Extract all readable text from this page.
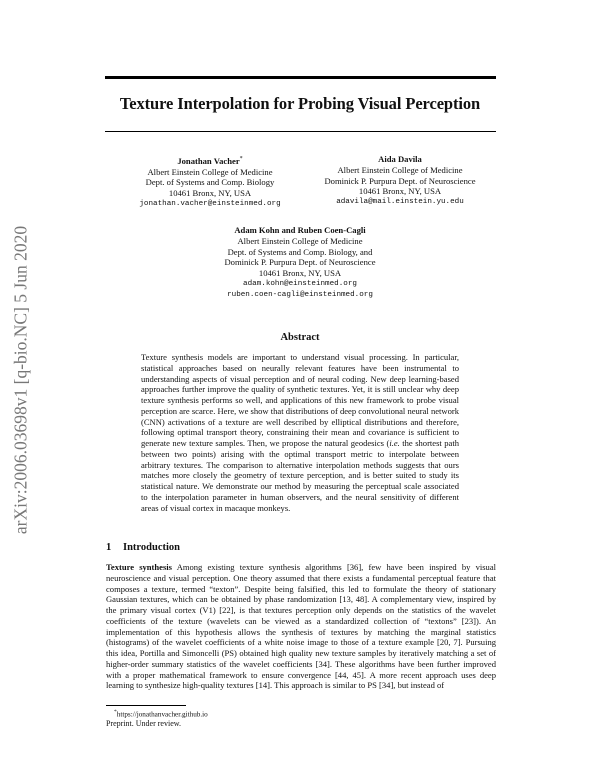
arXiv:2006.03698v1 [q-bio.NC] 5 Jun 2020
Texture Interpolation for Probing Visual Perception
Jonathan Vacher*
Albert Einstein College of Medicine
Dept. of Systems and Comp. Biology
10461 Bronx, NY, USA
jonathan.vacher@einsteinmed.org
Aida Davila
Albert Einstein College of Medicine
Dominick P. Purpura Dept. of Neuroscience
10461 Bronx, NY, USA
adavila@mail.einstein.yu.edu
Adam Kohn and Ruben Coen-Cagli
Albert Einstein College of Medicine
Dept. of Systems and Comp. Biology, and
Dominick P. Purpura Dept. of Neuroscience
10461 Bronx, NY, USA
adam.kohn@einsteinmed.org
ruben.coen-cagli@einsteinmed.org
Abstract
Texture synthesis models are important to understand visual processing. In particular, statistical approaches based on neurally relevant features have been instrumental to understanding aspects of visual perception and of neural coding. New deep learning-based approaches further improve the quality of synthetic textures. Yet, it is still unclear why deep texture synthesis performs so well, and applications of this new framework to probe visual perception are scarce. Here, we show that distributions of deep convolutional neural network (CNN) activations of a texture are well described by elliptical distributions and therefore, following optimal transport theory, constraining their mean and covariance is sufficient to generate new texture samples. Then, we propose the natural geodesics (i.e. the shortest path between two points) arising with the optimal transport metric to interpolate between arbitrary textures. The comparison to alternative interpolation methods suggests that ours matches more closely the geometry of texture perception, and is better suited to study its statistical nature. We demonstrate our method by measuring the perceptual scale associated to the interpolation parameter in human observers, and the neural sensitivity of different areas of visual cortex in macaque monkeys.
1 Introduction
Texture synthesis Among existing texture synthesis algorithms [36], few have been inspired by visual neuroscience and visual perception. One theory assumed that there exists a fundamental perceptual feature that composes a texture, termed “texton”. Despite being falsified, this led to formulate the theory of stationary Gaussian textures, which can be obtained by phase randomization [13, 48]. A complementary view, inspired by the primary visual cortex (V1) [22], is that textures perception only depends on the statistics of the wavelet coefficients of the texture (wavelets can be viewed as a standardized collection of “textons” [23]). An implementation of this hypothesis allows the synthesis of textures by matching the marginal statistics (histograms) of the wavelet coefficients of a white noise image to those of a texture example [20, 7]. Pursuing this idea, Portilla and Simoncelli (PS) obtained high quality new texture samples by iteratively matching a set of higher-order summary statistics of the wavelet coefficients [34]. These algorithms have been further improved with a proper mathematical framework to ensure convergence [44, 45]. A more recent approach uses deep learning to synthesize high-quality textures [14]. This approach is similar to PS [34], but instead of
*https://jonathanvacher.github.io
Preprint. Under review.
